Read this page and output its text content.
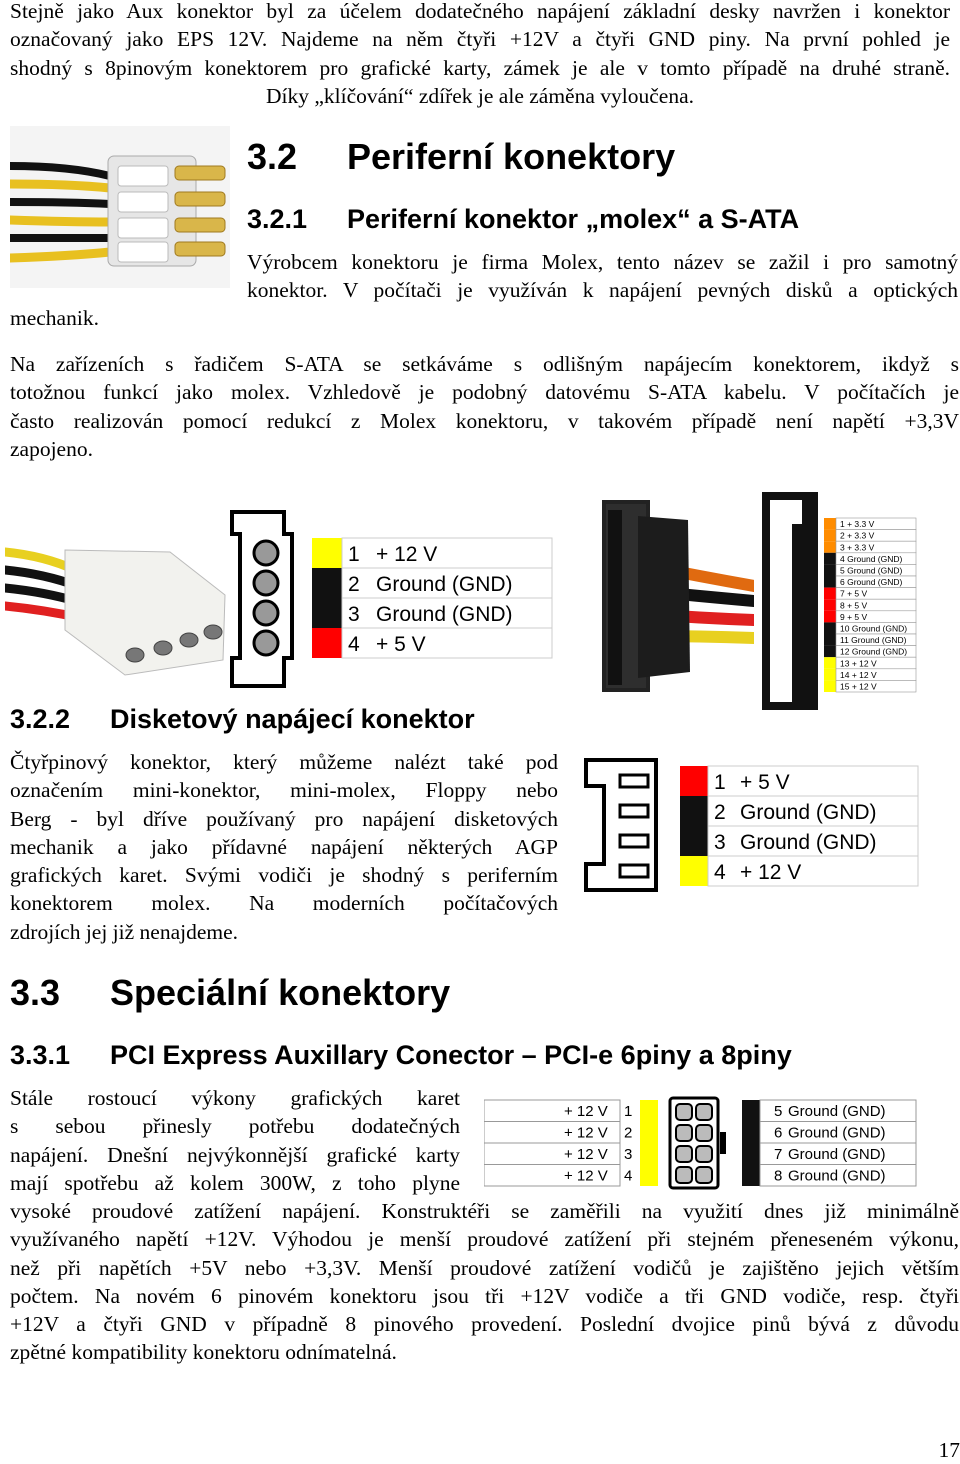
Stejně jako Aux konektor byl za účelem dodatečného napájení základní desky navržen i konektor
označovaný jako EPS 12V. Najdeme na něm čtyři +12V a čtyři GND piny. Na první pohled je
shodný s 8pinovým konektorem pro grafické karty, zámek je ale v tomto případě na druhé straně.
Díky „klíčování“ zdířek je ale záměna vyloučena.
3.2 Periferní konektory
3.2.1 Periferní konektor „molex“ a S-ATA
Výrobcem konektoru je firma Molex, tento název se zažil i pro samotný
konektor. V počítači je využíván k napájení pevných disků a optických
mechanik.
Na zařízeních s řadičem S-ATA se setkáváme s odlišným napájecím konektorem, ikdyž s
totožnou funkcí jako molex. Vzhledově je podobný datovému S-ATA kabelu. V počítačích je
často realizován pomocí redukcí z Molex konektoru, v takovém případě není napětí +3,3V
zapojeno.
1 + 12 V
2 Ground (GND)
3 Ground (GND)
4 + 5 V
1 + 3.3 V
2 + 3.3 V
3 + 3.3 V
4 Ground (GND)
5 Ground (GND)
6 Ground (GND)
7 + 5 V
8 + 5 V
9 + 5 V
10 Ground (GND)
11 Ground (GND)
12 Ground (GND)
13 + 12 V
14 + 12 V
15 + 12 V
3.2.2 Disketový napájecí konektor
Čtyřpinový konektor, který můžeme nalézt také pod
označením mini-konektor, mini-molex, Floppy nebo
Berg - byl dříve používaný pro napájení disketových
mechanik a jako přídavné napájení některých AGP
grafických karet. Svými vodiči je shodný s periferním
konektorem molex. Na moderních počítačových
zdrojích jej již nenajdeme.
1 + 5 V
2 Ground (GND)
3 Ground (GND)
4 + 12 V
3.3 Speciální konektory
3.3.1 PCI Express Auxillary Conector – PCI-e 6piny a 8piny
Stále rostoucí výkony grafických karet
s sebou přinesly potřebu dodatečných
napájení. Dnešní nejvýkonnější grafické karty
mají spotřebu až kolem 300W, z toho plyne
+ 12 V 1
+ 12 V 2
+ 12 V 3
+ 12 V 4
5 Ground (GND)
6 Ground (GND)
7 Ground (GND)
8 Ground (GND)
vysoké proudové zatížení napájení. Konstruktéři se zaměřili na využití dnes již minimálně
využívaného napětí +12V. Výhodou je menší proudové zatížení při stejném přeneseném výkonu,
než při napětích +5V nebo +3,3V. Menší proudové zatížení vodičů je zajištěno jejich větším
počtem. Na novém 6 pinovém konektoru jsou tři +12V vodiče a tři GND vodiče, resp. čtyři
+12V a čtyři GND v případně 8 pinového provedení. Poslední dvojice pinů bývá z důvodu
zpětné kompatibility konektoru odnímatelná.
17
